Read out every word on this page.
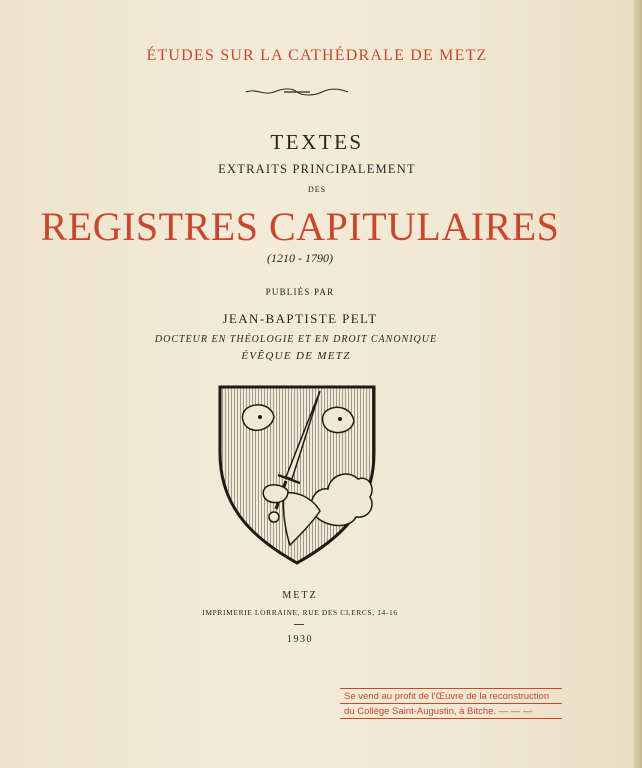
ÉTUDES SUR LA CATHÉDRALE DE METZ
TEXTES
EXTRAITS PRINCIPALEMENT
DES
REGISTRES CAPITULAIRES
(1210 - 1790)
PUBLIÉS PAR
JEAN-BAPTISTE PELT
DOCTEUR EN THÉOLOGIE ET EN DROIT CANONIQUE
ÉVÊQUE DE METZ
METZ
IMPRIMERIE LORRAINE, RUE DES CLERCS, 14-16
1930
Se vend au profit de l'Œuvre de la reconstruction
du Collège Saint-Augustin, à Bitche. — — —
